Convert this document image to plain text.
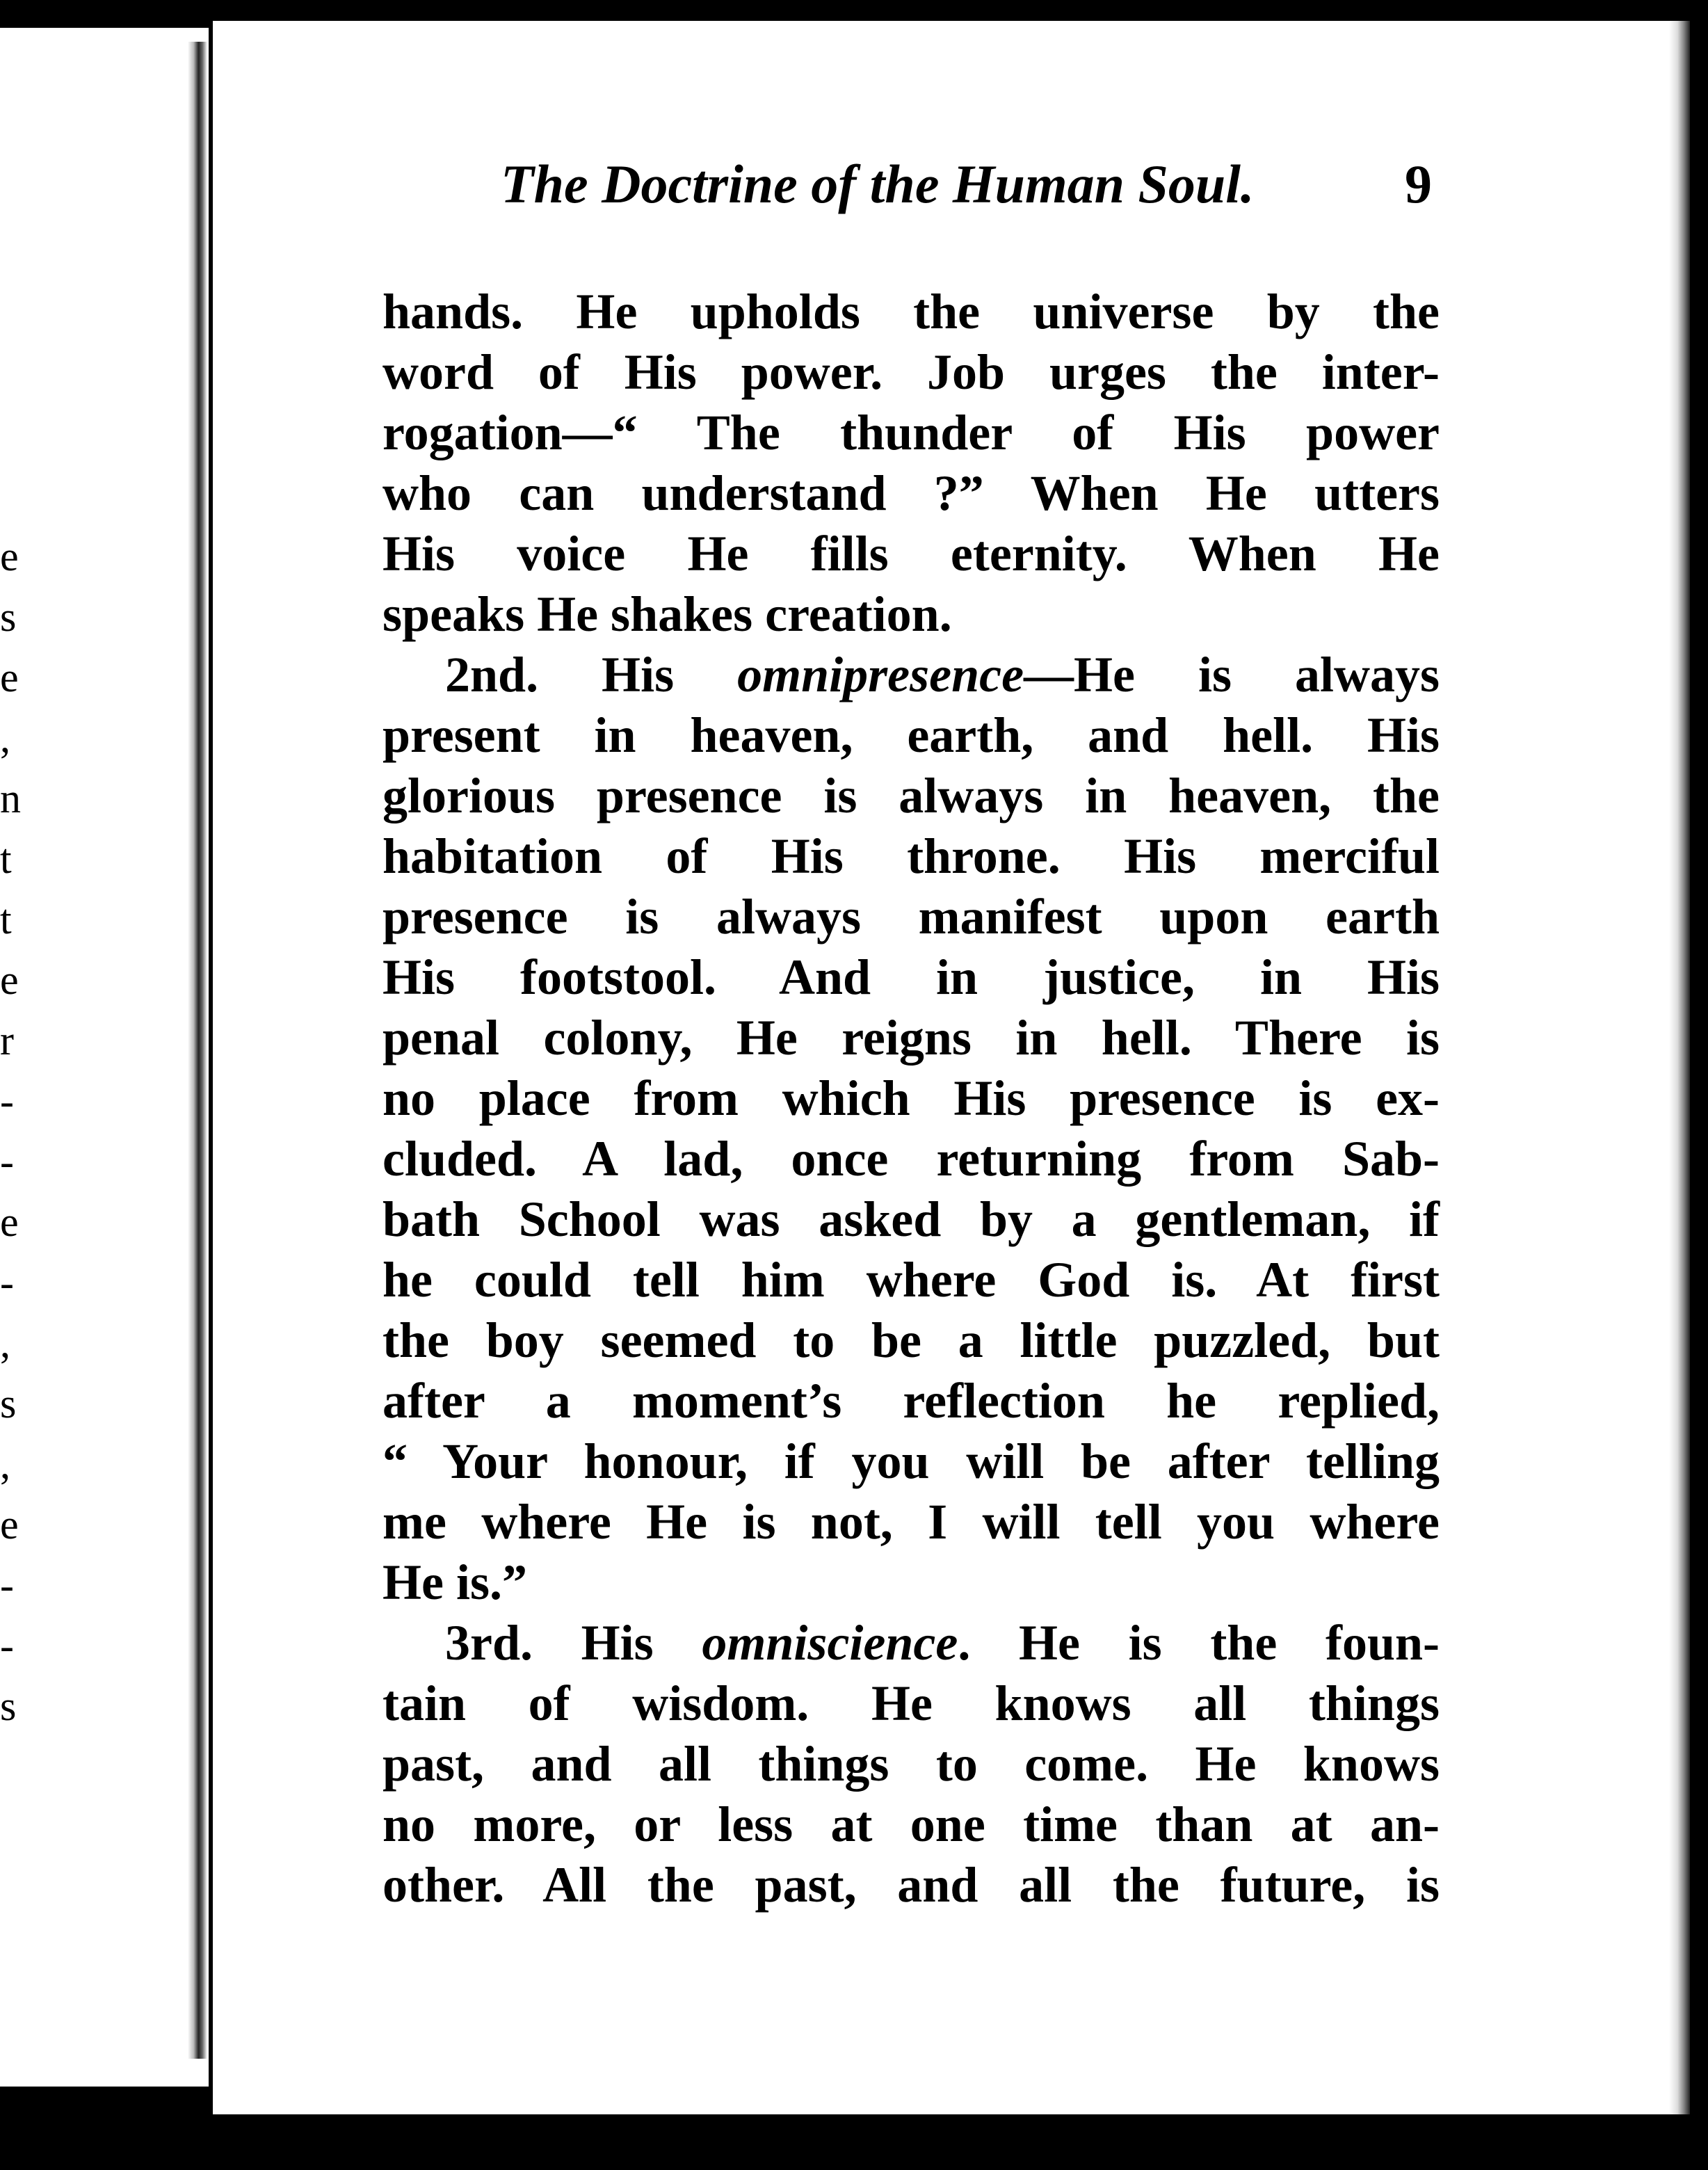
e
s
e
,
n
t
t
e
r
-
-
e
-
,
s
,
e
-
-
s
The Doctrine of the Human Soul.	9
hands. He upholds the universe by the
word of His power. Job urges the inter-
rogation—“ The thunder of His power
who can understand ?” When He utters
His voice He fills eternity. When He
speaks He shakes creation.
2nd. His omnipresence—He is always
present in heaven, earth, and hell. His
glorious presence is always in heaven, the
habitation of His throne. His merciful
presence is always manifest upon earth
His footstool. And in justice, in His
penal colony, He reigns in hell. There is
no place from which His presence is ex-
cluded. A lad, once returning from Sab-
bath School was asked by a gentleman, if
he could tell him where God is. At first
the boy seemed to be a little puzzled, but
after a moment’s reflection he replied,
“ Your honour, if you will be after telling
me where He is not, I will tell you where
He is.”
3rd. His omniscience. He is the foun-
tain of wisdom. He knows all things
past, and all things to come. He knows
no more, or less at one time than at an-
other. All the past, and all the future, is
